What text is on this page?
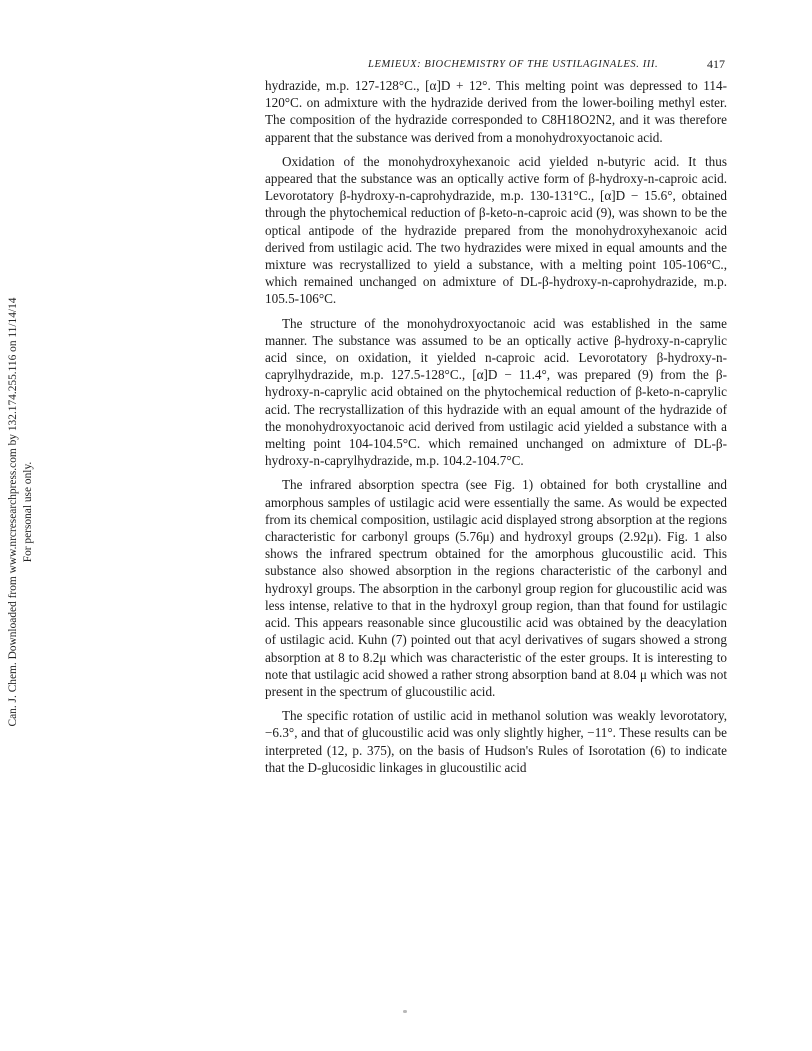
LEMIEUX: BIOCHEMISTRY OF THE USTILAGINALES. III.	417

hydrazide, m.p. 127-128°C., [α]D + 12°. This melting point was depressed to 114-120°C. on admixture with the hydrazide derived from the lower-boiling methyl ester. The composition of the hydrazide corresponded to C8H18O2N2, and it was therefore apparent that the substance was derived from a monohydroxyoctanoic acid.

Oxidation of the monohydroxyhexanoic acid yielded n-butyric acid. It thus appeared that the substance was an optically active form of β-hydroxy-n-caproic acid. Levorotatory β-hydroxy-n-caprohydrazide, m.p. 130-131°C., [α]D − 15.6°, obtained through the phytochemical reduction of β-keto-n-caproic acid (9), was shown to be the optical antipode of the hydrazide prepared from the monohydroxyhexanoic acid derived from ustilagic acid. The two hydrazides were mixed in equal amounts and the mixture was recrystallized to yield a substance, with a melting point 105-106°C., which remained unchanged on admixture of DL-β-hydroxy-n-caprohydrazide, m.p. 105.5-106°C.

The structure of the monohydroxyoctanoic acid was established in the same manner. The substance was assumed to be an optically active β-hydroxy-n-caprylic acid since, on oxidation, it yielded n-caproic acid. Levorotatory β-hydroxy-n-caprylhydrazide, m.p. 127.5-128°C., [α]D − 11.4°, was prepared (9) from the β-hydroxy-n-caprylic acid obtained on the phytochemical reduction of β-keto-n-caprylic acid. The recrystallization of this hydrazide with an equal amount of the hydrazide of the monohydroxyoctanoic acid derived from ustilagic acid yielded a substance with a melting point 104-104.5°C. which remained unchanged on admixture of DL-β-hydroxy-n-caprylhydrazide, m.p. 104.2-104.7°C.

The infrared absorption spectra (see Fig. 1) obtained for both crystalline and amorphous samples of ustilagic acid were essentially the same. As would be expected from its chemical composition, ustilagic acid displayed strong absorption at the regions characteristic for carbonyl groups (5.76μ) and hydroxyl groups (2.92μ). Fig. 1 also shows the infrared spectrum obtained for the amorphous glucoustilic acid. This substance also showed absorption in the regions characteristic of the carbonyl and hydroxyl groups. The absorption in the carbonyl group region for glucoustilic acid was less intense, relative to that in the hydroxyl group region, than that found for ustilagic acid. This appears reasonable since glucoustilic acid was obtained by the deacylation of ustilagic acid. Kuhn (7) pointed out that acyl derivatives of sugars showed a strong absorption at 8 to 8.2μ which was characteristic of the ester groups. It is interesting to note that ustilagic acid showed a rather strong absorption band at 8.04 μ which was not present in the spectrum of glucoustilic acid.

The specific rotation of ustilic acid in methanol solution was weakly levorotatory, −6.3°, and that of glucoustilic acid was only slightly higher, −11°. These results can be interpreted (12, p. 375), on the basis of Hudson's Rules of Isorotation (6) to indicate that the D-glucosidic linkages in glucoustilic acid

Can. J. Chem. Downloaded from www.nrcresearchpress.com by 132.174.255.116 on 11/14/14 For personal use only.
